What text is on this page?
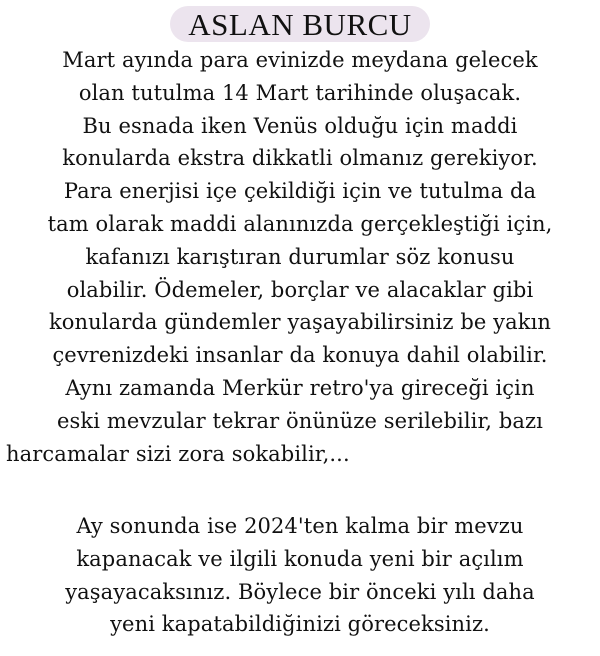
ASLAN BURCU
Mart ayında para evinizde meydana gelecek
olan tutulma 14 Mart tarihinde oluşacak.
Bu esnada iken Venüs olduğu için maddi
konularda ekstra dikkatli olmanız gerekiyor.
Para enerjisi içe çekildiği için ve tutulma da
tam olarak maddi alanınızda gerçekleştiği için,
kafanızı karıştıran durumlar söz konusu
olabilir. Ödemeler, borçlar ve alacaklar gibi
konularda gündemler yaşayabilirsiniz be yakın
çevrenizdeki insanlar da konuya dahil olabilir.
Aynı zamanda Merkür retro'ya gireceği için
eski mevzular tekrar önünüze serilebilir, bazı
harcamalar sizi zora sokabilir,...
Ay sonunda ise 2024'ten kalma bir mevzu
kapanacak ve ilgili konuda yeni bir açılım
yaşayacaksınız. Böylece bir önceki yılı daha
yeni kapatabildiğinizi göreceksiniz.
